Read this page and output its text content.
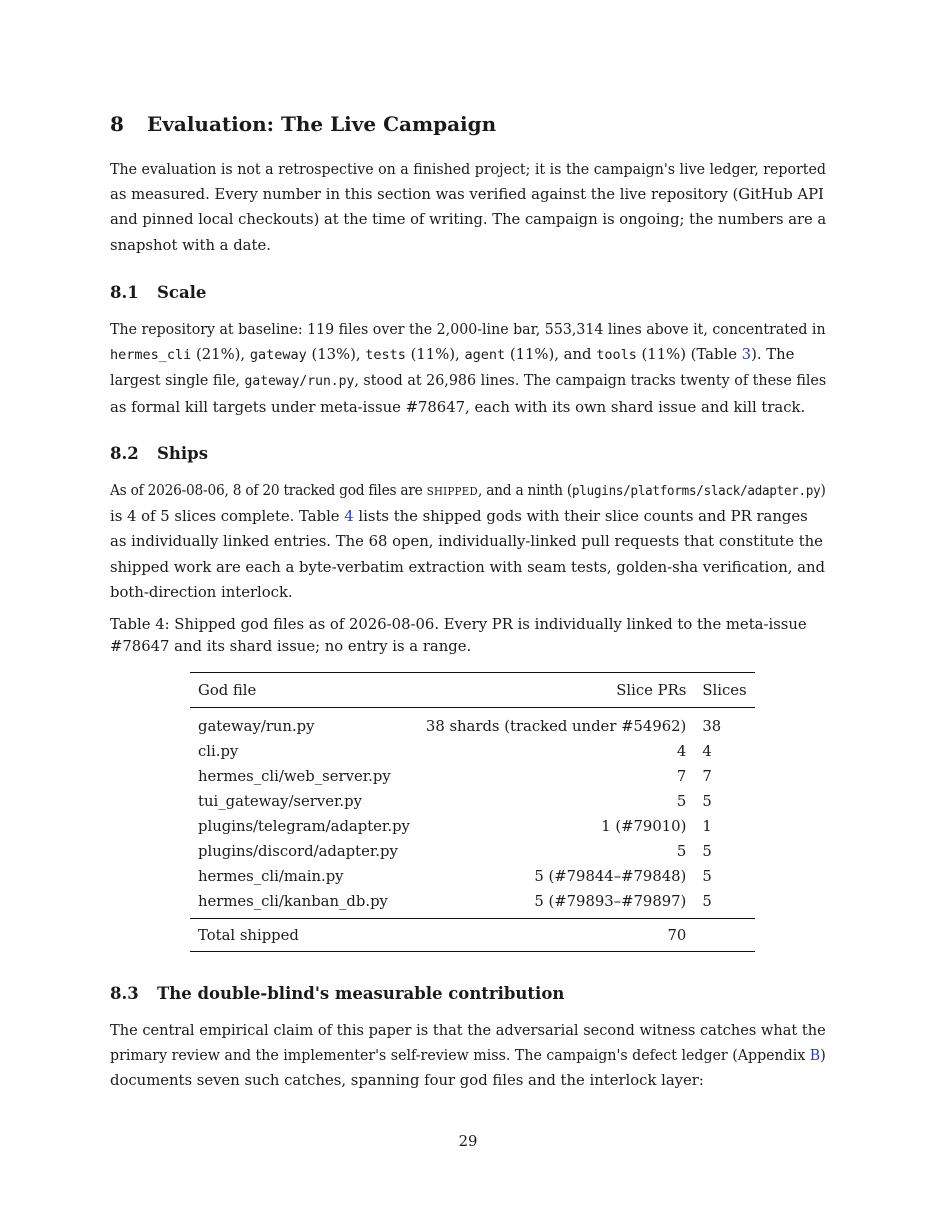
8 Evaluation: The Live Campaign

The evaluation is not a retrospective on a finished project; it is the campaign's live ledger, reported
as measured. Every number in this section was verified against the live repository (GitHub API
and pinned local checkouts) at the time of writing. The campaign is ongoing; the numbers are a
snapshot with a date.

8.1 Scale

The repository at baseline: 119 files over the 2,000-line bar, 553,314 lines above it, concentrated in
hermes_cli (21%), gateway (13%), tests (11%), agent (11%), and tools (11%) (Table 3). The
largest single file, gateway/run.py, stood at 26,986 lines. The campaign tracks twenty of these files
as formal kill targets under meta-issue #78647, each with its own shard issue and kill track.

8.2 Ships

As of 2026-08-06, 8 of 20 tracked god files are SHIPPED, and a ninth (plugins/platforms/slack/adapter.py)
is 4 of 5 slices complete. Table 4 lists the shipped gods with their slice counts and PR ranges
as individually linked entries. The 68 open, individually-linked pull requests that constitute the
shipped work are each a byte-verbatim extraction with seam tests, golden-sha verification, and
both-direction interlock.

Table 4: Shipped god files as of 2026-08-06. Every PR is individually linked to the meta-issue
#78647 and its shard issue; no entry is a range.

God file	Slice PRs	Slices
gateway/run.py	38 shards (tracked under #54962)	38
cli.py	4	4
hermes_cli/web_server.py	7	7
tui_gateway/server.py	5	5
plugins/telegram/adapter.py	1 (#79010)	1
plugins/discord/adapter.py	5	5
hermes_cli/main.py	5 (#79844–#79848)	5
hermes_cli/kanban_db.py	5 (#79893–#79897)	5
Total shipped	70	
8.3 The double-blind's measurable contribution

The central empirical claim of this paper is that the adversarial second witness catches what the
primary review and the implementer's self-review miss. The campaign's defect ledger (Appendix B)
documents seven such catches, spanning four god files and the interlock layer:

29
